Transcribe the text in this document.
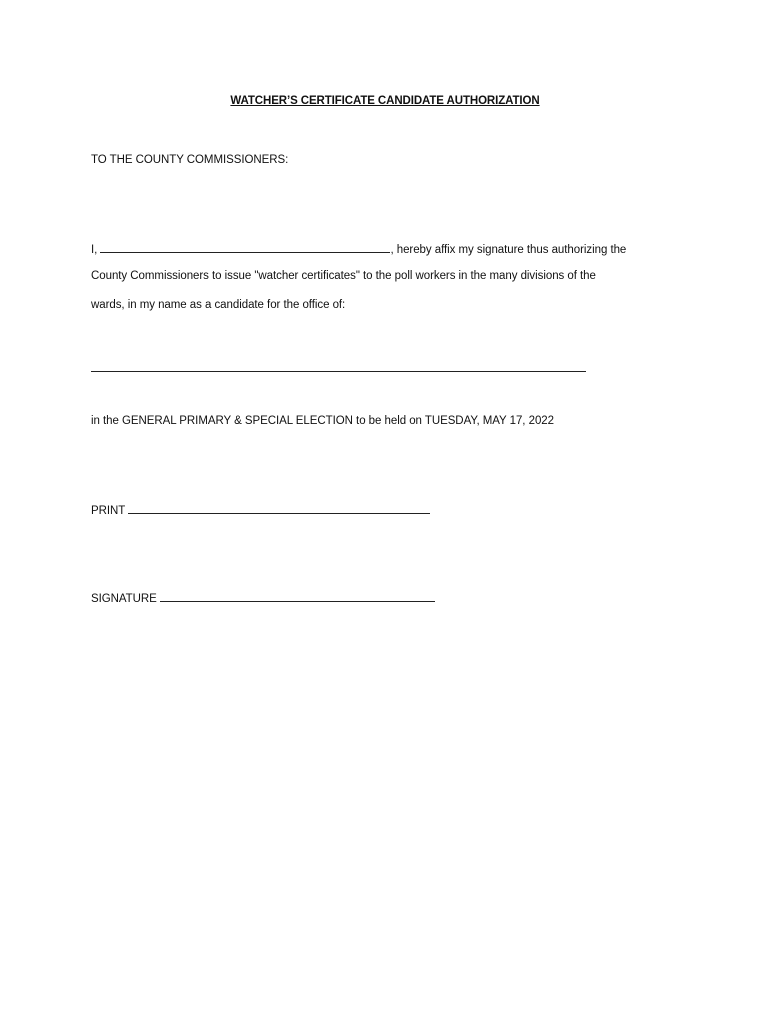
WATCHER’S CERTIFICATE CANDIDATE AUTHORIZATION
TO THE COUNTY COMMISSIONERS:
I,	, hereby affix my signature thus authorizing the
County Commissioners to issue "watcher certificates" to the poll workers in the many divisions of the
wards, in my name as a candidate for the office of:
in the GENERAL PRIMARY & SPECIAL ELECTION to be held on TUESDAY, MAY 17, 2022
PRINT
SIGNATURE
